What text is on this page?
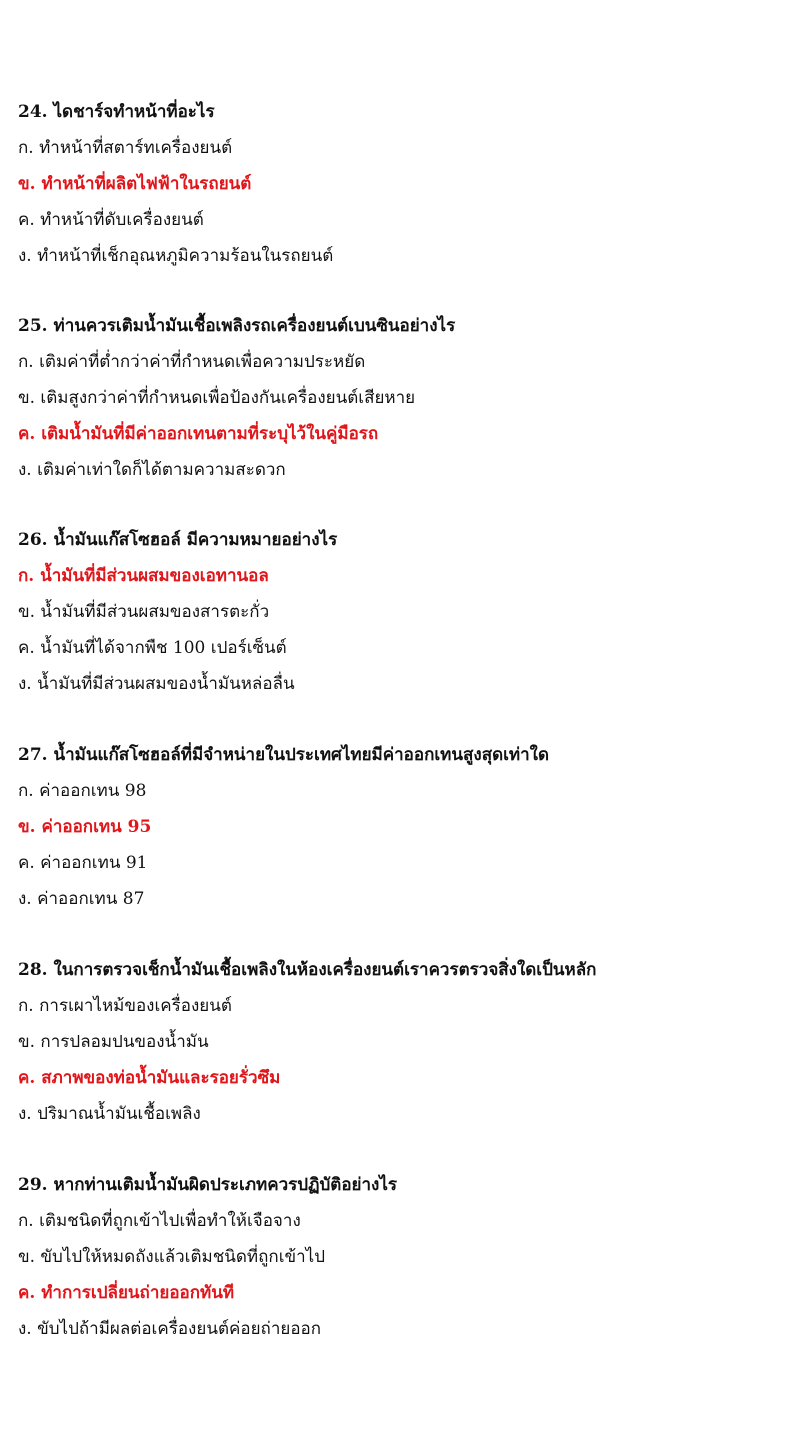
24. ไดชาร์จทำหน้าที่อะไร
ก. ทำหน้าที่สตาร์ทเครื่องยนต์
ข. ทำหน้าที่ผลิตไฟฟ้าในรถยนต์
ค. ทำหน้าที่ดับเครื่องยนต์
ง. ทำหน้าที่เช็กอุณหภูมิความร้อนในรถยนต์
25. ท่านควรเติมน้ำมันเชื้อเพลิงรถเครื่องยนต์เบนซินอย่างไร
ก. เติมค่าที่ต่ำกว่าค่าที่กำหนดเพื่อความประหยัด
ข. เติมสูงกว่าค่าที่กำหนดเพื่อป้องกันเครื่องยนต์เสียหาย
ค. เติมน้ำมันที่มีค่าออกเทนตามที่ระบุไว้ในคู่มือรถ
ง. เติมค่าเท่าใดก็ได้ตามความสะดวก
26. น้ำมันแก๊สโซฮอล์ มีความหมายอย่างไร
ก. น้ำมันที่มีส่วนผสมของเอทานอล
ข. น้ำมันที่มีส่วนผสมของสารตะกั่ว
ค. น้ำมันที่ได้จากพืช 100 เปอร์เซ็นต์
ง. น้ำมันที่มีส่วนผสมของน้ำมันหล่อลื่น
27. น้ำมันแก๊สโซฮอล์ที่มีจำหน่ายในประเทศไทยมีค่าออกเทนสูงสุดเท่าใด
ก. ค่าออกเทน 98
ข. ค่าออกเทน 95
ค. ค่าออกเทน 91
ง. ค่าออกเทน 87
28. ในการตรวจเช็กน้ำมันเชื้อเพลิงในห้องเครื่องยนต์เราควรตรวจสิ่งใดเป็นหลัก
ก. การเผาไหม้ของเครื่องยนต์
ข. การปลอมปนของน้ำมัน
ค. สภาพของท่อน้ำมันและรอยรั่วซึม
ง. ปริมาณน้ำมันเชื้อเพลิง
29. หากท่านเติมน้ำมันผิดประเภทควรปฏิบัติอย่างไร
ก. เติมชนิดที่ถูกเข้าไปเพื่อทำให้เจือจาง
ข. ขับไปให้หมดถังแล้วเติมชนิดที่ถูกเข้าไป
ค. ทำการเปลี่ยนถ่ายออกทันที
ง. ขับไปถ้ามีผลต่อเครื่องยนต์ค่อยถ่ายออก
